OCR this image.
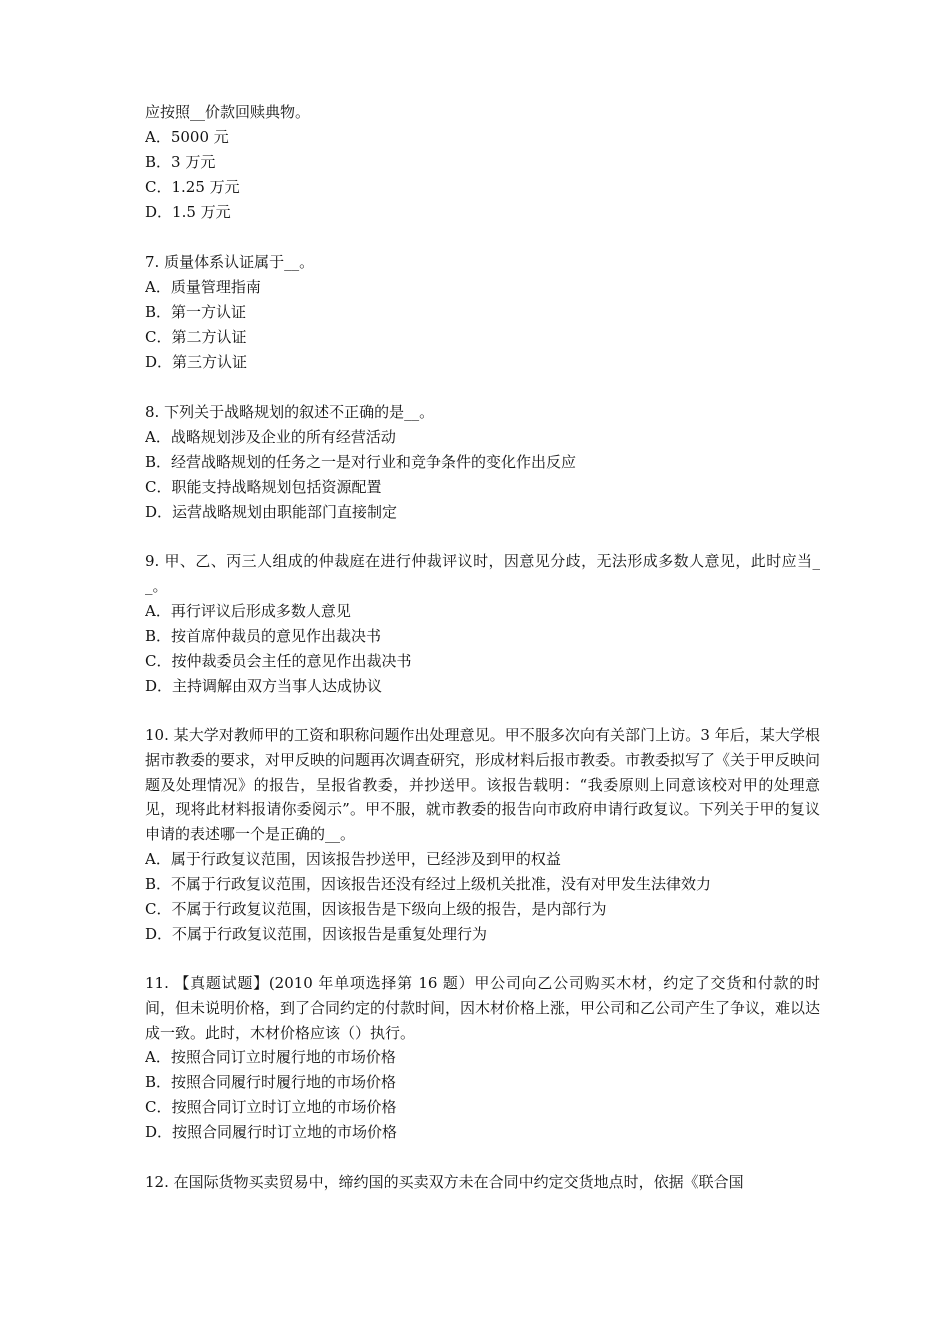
应按照__价款回赎典物。
A．5000 元
B．3 万元
C．1.25 万元
D．1.5 万元
7. 质量体系认证属于__。
A．质量管理指南
B．第一方认证
C．第二方认证
D．第三方认证
8. 下列关于战略规划的叙述不正确的是__。
A．战略规划涉及企业的所有经营活动
B．经营战略规划的任务之一是对行业和竞争条件的变化作出反应
C．职能支持战略规划包括资源配置
D．运营战略规划由职能部门直接制定
9. 甲、乙、丙三人组成的仲裁庭在进行仲裁评议时，因意见分歧，无法形成多数人意见，此时应当__。
A．再行评议后形成多数人意见
B．按首席仲裁员的意见作出裁决书
C．按仲裁委员会主任的意见作出裁决书
D．主持调解由双方当事人达成协议
10. 某大学对教师甲的工资和职称问题作出处理意见。甲不服多次向有关部门上访。3 年后，某大学根据市教委的要求，对甲反映的问题再次调查研究，形成材料后报市教委。市教委拟写了《关于甲反映问题及处理情况》的报告，呈报省教委，并抄送甲。该报告载明：“我委原则上同意该校对甲的处理意见，现将此材料报请你委阅示”。甲不服，就市教委的报告向市政府申请行政复议。下列关于甲的复议申请的表述哪一个是正确的__。
A．属于行政复议范围，因该报告抄送甲，已经涉及到甲的权益
B．不属于行政复议范围，因该报告还没有经过上级机关批准，没有对甲发生法律效力
C．不属于行政复议范围，因该报告是下级向上级的报告，是内部行为
D．不属于行政复议范围，因该报告是重复处理行为
11. 【真题试题】(2010 年单项选择第 16 题）甲公司向乙公司购买木材，约定了交货和付款的时间，但未说明价格，到了合同约定的付款时间，因木材价格上涨，甲公司和乙公司产生了争议，难以达成一致。此时，木材价格应该（）执行。
A．按照合同订立时履行地的市场价格
B．按照合同履行时履行地的市场价格
C．按照合同订立时订立地的市场价格
D．按照合同履行时订立地的市场价格
12. 在国际货物买卖贸易中，缔约国的买卖双方未在合同中约定交货地点时，依据《联合国
